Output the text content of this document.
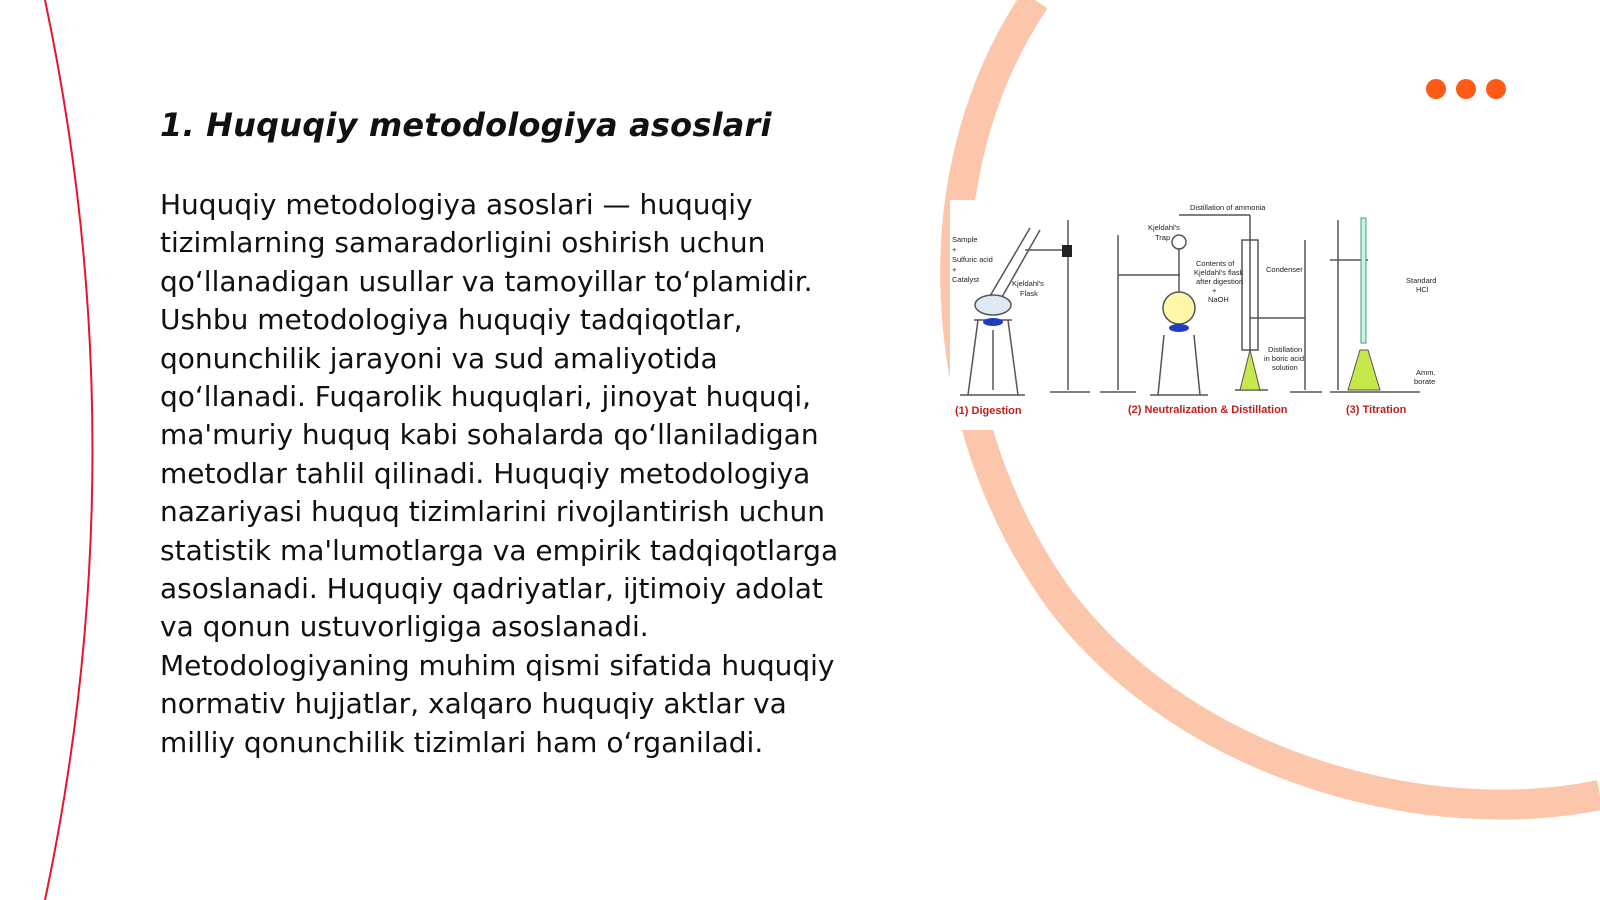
1. Huquqiy metodologiya asoslari

Huquqiy metodologiya asoslari — huquqiy tizimlarning samaradorligini oshirish uchun qo‘llanadigan usullar va tamoyillar to‘plamidir. Ushbu metodologiya huquqiy tadqiqotlar, qonunchilik jarayoni va sud amaliyotida qo‘llanadi. Fuqarolik huquqlari, jinoyat huquqi, ma'muriy huquq kabi sohalarda qo‘llaniladigan metodlar tahlil qilinadi. Huquqiy metodologiya nazariyasi huquq tizimlarini rivojlantirish uchun statistik ma'lumotlarga va empirik tadqiqotlarga asoslanadi. Huquqiy qadriyatlar, ijtimoiy adolat va qonun ustuvorligiga asoslanadi. Metodologiyaning muhim qismi sifatida huquqiy normativ hujjatlar, xalqaro huquqiy aktlar va milliy qonunchilik tizimlari ham o‘rganiladi.

Sample
+
Sulfuric acid
+
Catalyst	Kjeldahl's
Flask
Distillation of ammonia
Kjeldahl's
Trap
Contents of
Kjeldahl's flask
after digestion
+
NaOH
Condenser
Distillation
in boric acid
solution
Standard
HCl
Amm.
borate
(1) Digestion	(2) Neutralization & Distillation	(3) Titration
